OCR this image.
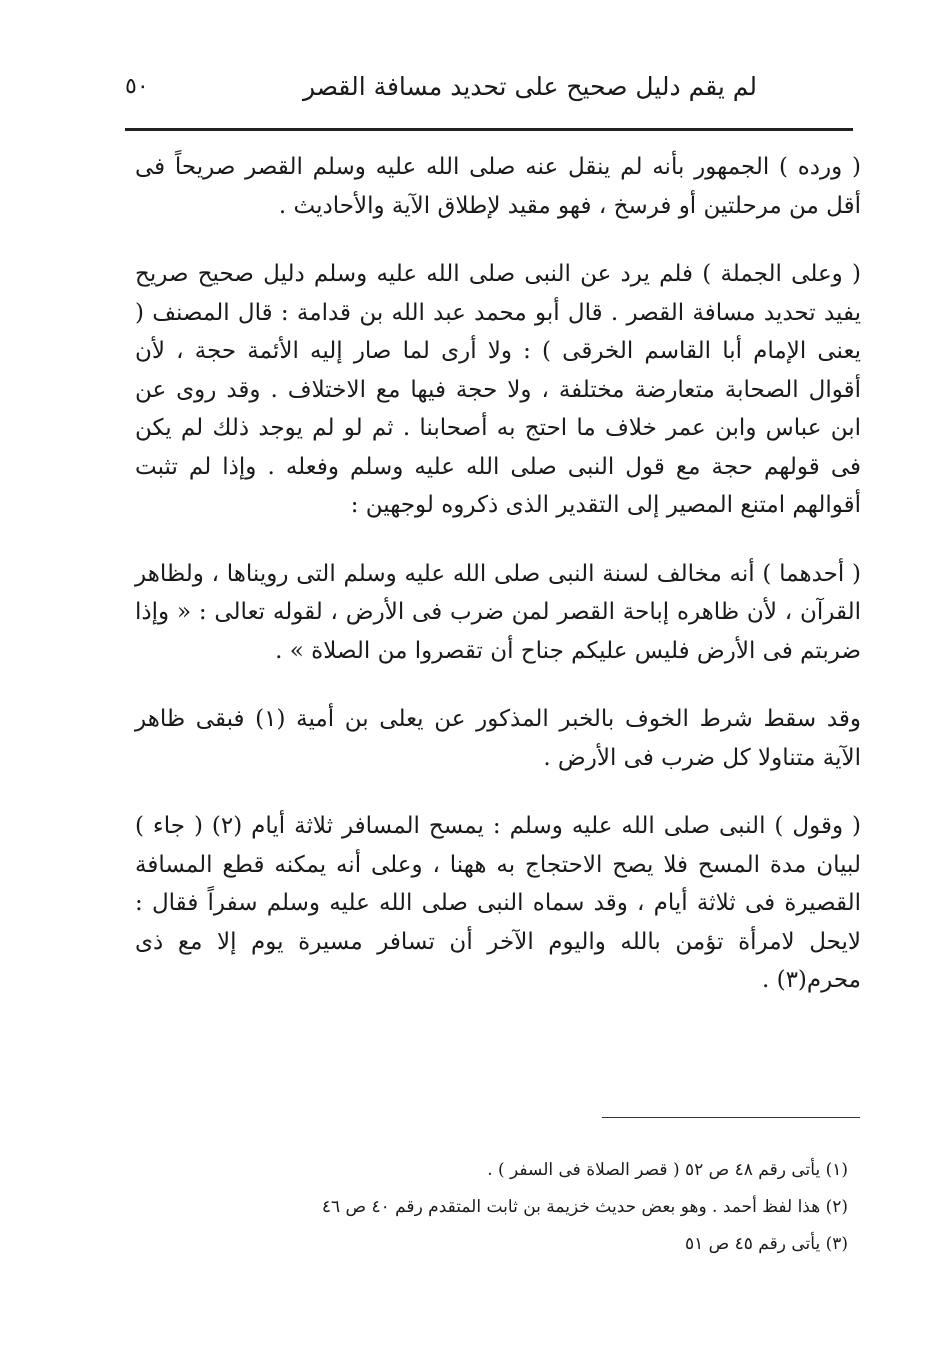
٥٠	لم يقم دليل صحيح على تحديد مسافة القصر

( ورده ) الجمهور بأنه لم ينقل عنه صلى الله عليه وسلم القصر صريحاً فى أقل من مرحلتين أو فرسخ ، فهو مقيد لإطلاق الآية والأحاديث .

( وعلى الجملة ) فلم يرد عن النبى صلى الله عليه وسلم دليل صحيح صريح يفيد تحديد مسافة القصر . قال أبو محمد عبد الله بن قدامة : قال المصنف ( يعنى الإمام أبا القاسم الخرقى ) : ولا أرى لما صار إليه الأئمة حجة ، لأن أقوال الصحابة متعارضة مختلفة ، ولا حجة فيها مع الاختلاف . وقد روى عن ابن عباس وابن عمر خلاف ما احتج به أصحابنا . ثم لو لم يوجد ذلك لم يكن فى قولهم حجة مع قول النبى صلى الله عليه وسلم وفعله . وإذا لم تثبت أقوالهم امتنع المصير إلى التقدير الذى ذكروه لوجهين :

( أحدهما ) أنه مخالف لسنة النبى صلى الله عليه وسلم التى رويناها ، ولظاهر القرآن ، لأن ظاهره إباحة القصر لمن ضرب فى الأرض ، لقوله تعالى : « وإذا ضربتم فى الأرض فليس عليكم جناح أن تقصروا من الصلاة » .

وقد سقط شرط الخوف بالخبر المذكور عن يعلى بن أمية (١) فبقى ظاهر الآية متناولا كل ضرب فى الأرض .

( وقول ) النبى صلى الله عليه وسلم : يمسح المسافر ثلاثة أيام (٢) ( جاء ) لبيان مدة المسح فلا يصح الاحتجاج به ههنا ، وعلى أنه يمكنه قطع المسافة القصيرة فى ثلاثة أيام ، وقد سماه النبى صلى الله عليه وسلم سفراً فقال : لايحل لامرأة تؤمن بالله واليوم الآخر أن تسافر مسيرة يوم إلا مع ذى محرم(٣) .

(١) يأتى رقم ٤٨ ص ٥٢ ( قصر الصلاة فى السفر ) .
(٢) هذا لفظ أحمد . وهو بعض حديث خزيمة بن ثابت المتقدم رقم ٤٠ ص ٤٦
(٣) يأتى رقم ٤٥ ص ٥١
